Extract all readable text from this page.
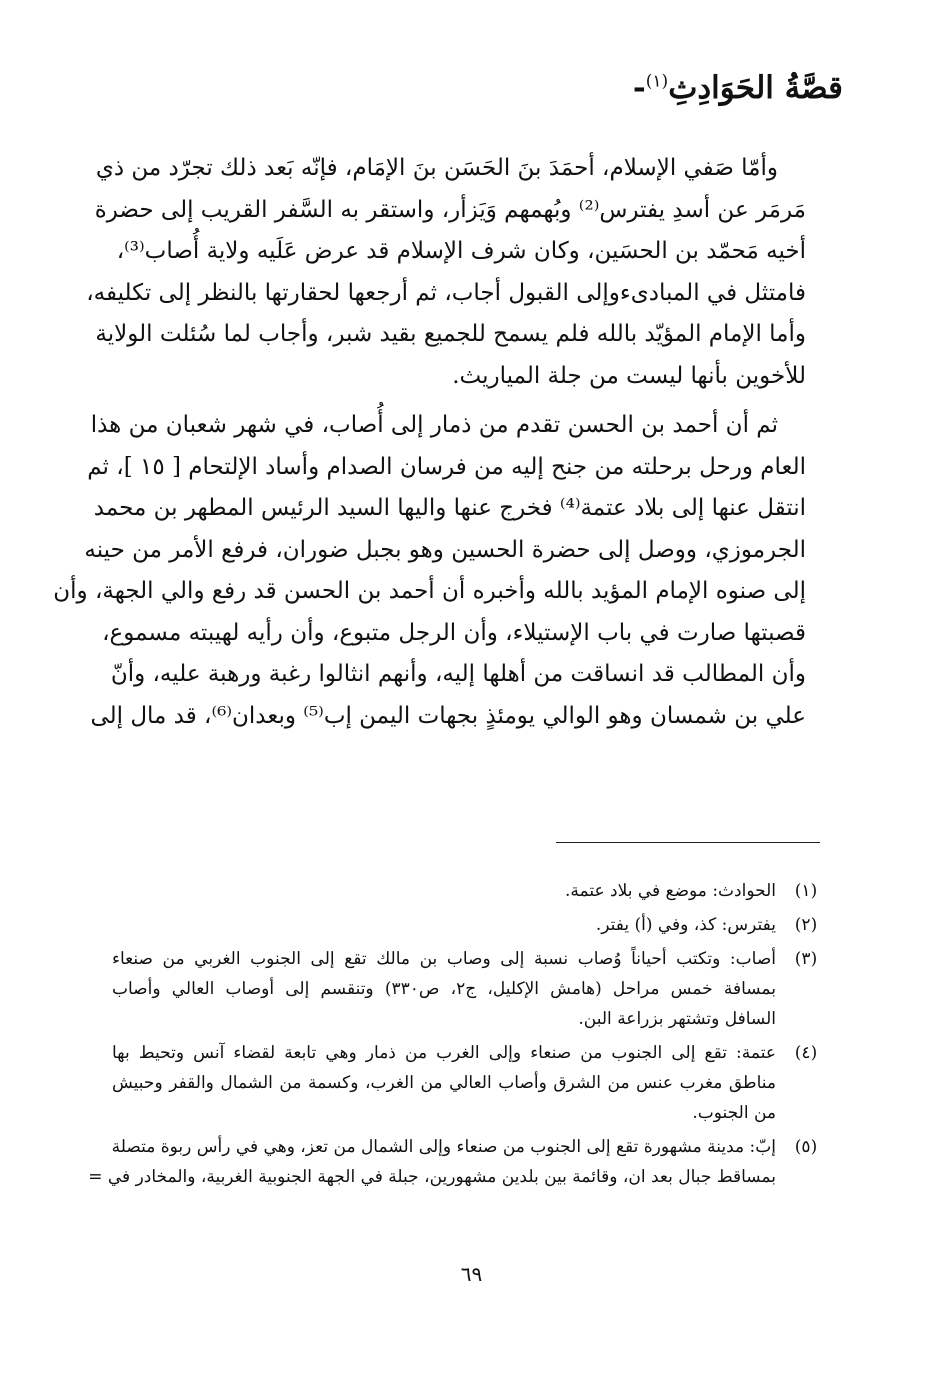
قصَّةُ الحَوَادِثِ$^{(١)}$-
وأمّا صَفي الإسلام، أحمَدَ بنَ الحَسَن بنَ الإمَام، فإنّه بَعد ذلك تجرّد من ذي
مَرمَر عن أسدِ يفترس⁽²⁾ وبُهمهم وَيَزأر، واستقر به السَّفر القريب إلى حضرة
أخيه مَحمّد بن الحسَين، وكان شرف الإسلام قد عرض عَلَيه ولاية أُصاب⁽³⁾،
فامتثل في المبادىءوإلى القبول أجاب، ثم أرجعها لحقارتها بالنظر إلى تكليفه،
وأما الإمام المؤيّد بالله فلم يسمح للجميع بقيد شبر، وأجاب لما سُئلت الولاية
للأخوين بأنها ليست من جلة المياريث.
ثم أن أحمد بن الحسن تقدم من ذمار إلى أُصاب، في شهر شعبان من هذا
العام ورحل برحلته من جنح إليه من فرسان الصدام وأساد الإلتحام [ ١٥ ]، ثم
انتقل عنها إلى بلاد عتمة⁽⁴⁾ فخرج عنها واليها السيد الرئيس المطهر بن محمد
الجرموزي، ووصل إلى حضرة الحسين وهو بجبل ضوران، فرفع الأمر من حينه
إلى صنوه الإمام المؤيد بالله وأخبره أن أحمد بن الحسن قد رفع والي الجهة، وأن
قصبتها صارت في باب الإستيلاء، وأن الرجل متبوع، وأن رأيه لهيبته مسموع،
وأن المطالب قد انساقت من أهلها إليه، وأنهم انثالوا رغبة ورهبة عليه، وأنّ
علي بن شمسان وهو الوالي يومئذٍ بجهات اليمن إب⁽⁵⁾ وبعدان⁽⁶⁾، قد مال إلى
(١)
الحوادث: موضع في بلاد عتمة.
(٢)
يفترس: كذ، وفي (أ) يفتر.
(٣)
أصاب: وتكتب أحياناً وُصاب نسبة إلى وصاب بن مالك تقع إلى الجنوب الغربي من صنعاء
بمسافة خمس مراحل (هامش الإكليل، ج٢، ص٣٣٠) وتنقسم إلى أوصاب العالي وأصاب
السافل وتشتهر بزراعة البن.
(٤)
عتمة: تقع إلى الجنوب من صنعاء وإلى الغرب من ذمار وهي تابعة لقضاء آنس وتحيط بها
مناطق مغرب عنس من الشرق وأصاب العالي من الغرب، وكسمة من الشمال والقفر وحبيش
من الجنوب.
(٥)
إبّ: مدينة مشهورة تقع إلى الجنوب من صنعاء وإلى الشمال من تعز، وهي في رأس ربوة متصلة
بمساقط جبال بعد ان، وقائمة بين بلدين مشهورين، جبلة في الجهة الجنوبية الغربية، والمخادر في =
٦٩
